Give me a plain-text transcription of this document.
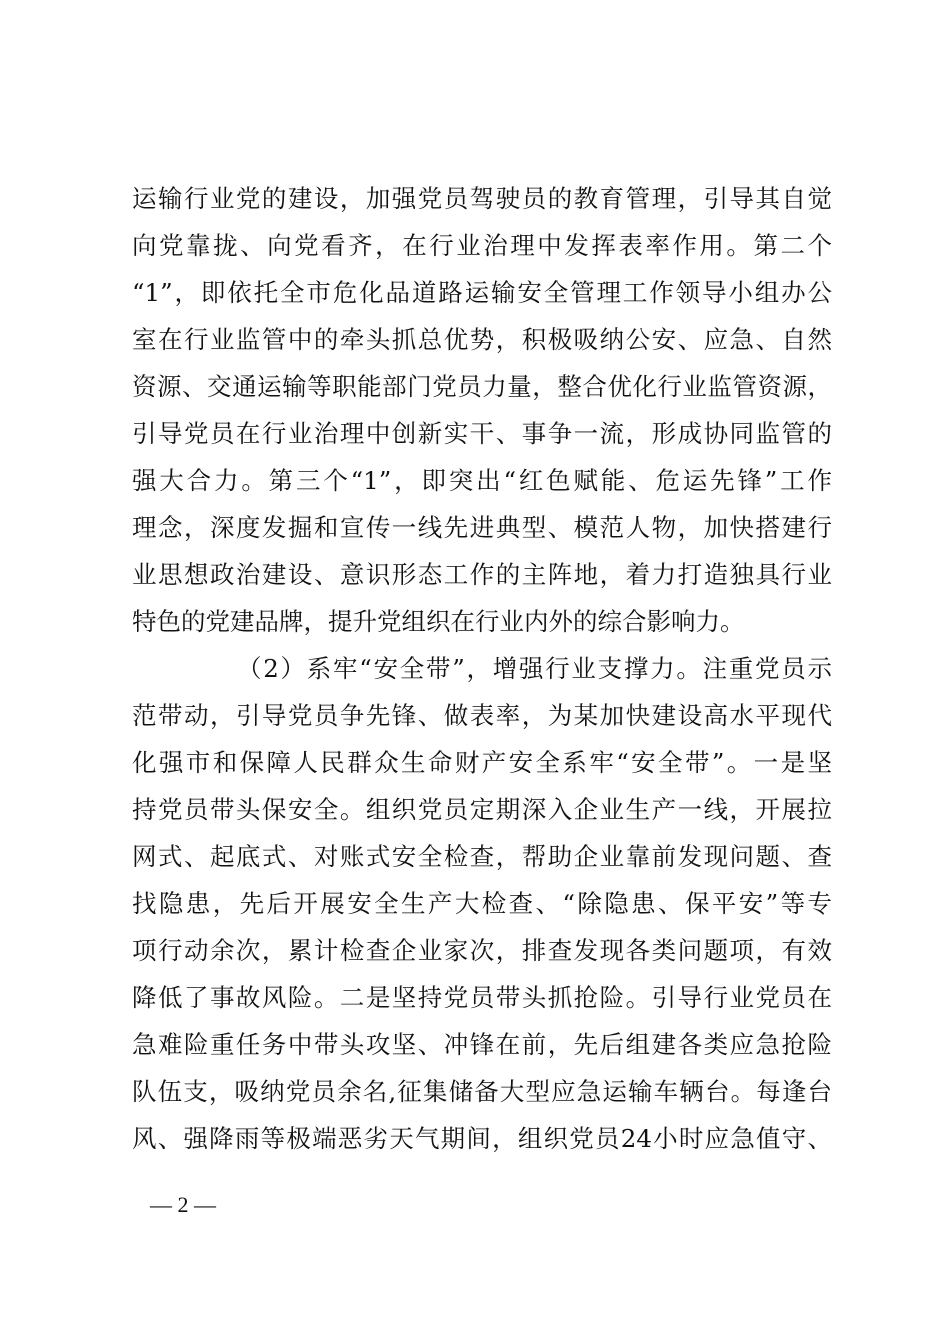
运输行业党的建设，加强党员驾驶员的教育管理，引导其自觉
向党靠拢、向党看齐，在行业治理中发挥表率作用。第二个
“1”，即依托全市危化品道路运输安全管理工作领导小组办公
室在行业监管中的牵头抓总优势，积极吸纳公安、应急、自然
资源、交通运输等职能部门党员力量，整合优化行业监管资源，
引导党员在行业治理中创新实干、事争一流，形成协同监管的
强大合力。第三个“1”，即突出“红色赋能、危运先锋”工作
理念，深度发掘和宣传一线先进典型、模范人物，加快搭建行
业思想政治建设、意识形态工作的主阵地，着力打造独具行业
特色的党建品牌，提升党组织在行业内外的综合影响力。
（2）系牢“安全带”，增强行业支撑力。注重党员示
范带动，引导党员争先锋、做表率，为某加快建设高水平现代
化强市和保障人民群众生命财产安全系牢“安全带”。一是坚
持党员带头保安全。组织党员定期深入企业生产一线，开展拉
网式、起底式、对账式安全检查，帮助企业靠前发现问题、查
找隐患，先后开展安全生产大检查、“除隐患、保平安”等专
项行动余次，累计检查企业家次，排查发现各类问题项，有效
降低了事故风险。二是坚持党员带头抓抢险。引导行业党员在
急难险重任务中带头攻坚、冲锋在前，先后组建各类应急抢险
队伍支，吸纳党员余名,征集储备大型应急运输车辆台。每逢台
风、强降雨等极端恶劣天气期间，组织党员24小时应急值守、
— 2 —
